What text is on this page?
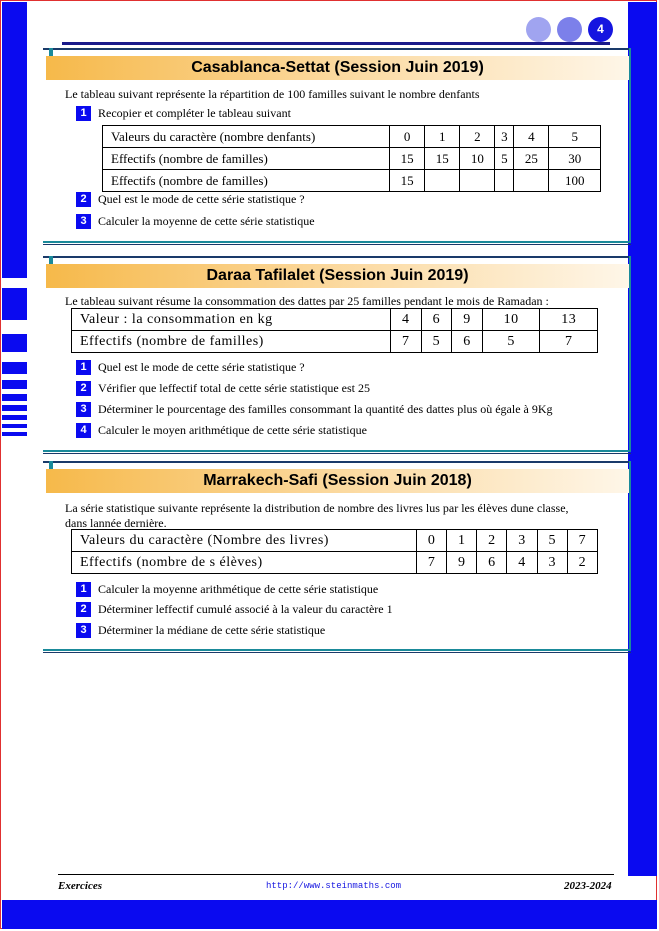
4
Casablanca-Settat (Session Juin 2019)
Le tableau suivant représente la répartition de 100 familles suivant le nombre denfants
1 Recopier et compléter le tableau suivant
Valeurs du caractère (nombre denfants)	0	1	2	3	4	5
Effectifs (nombre de familles)	15	15	10	5	25	30
Effectifs (nombre de familles)	15					100
2 Quel est le mode de cette série statistique ?
3 Calculer la moyenne de cette série statistique
Daraa Tafilalet (Session Juin 2019)
Le tableau suivant résume la consommation des dattes par 25 familles pendant le mois de Ramadan :
Valeur : la consommation en kg	4	6	9	10	13
Effectifs (nombre de familles)	7	5	6	5	7
1 Quel est le mode de cette série statistique ?
2 Vérifier que leffectif total de cette série statistique est 25
3 Déterminer le pourcentage des familles consommant la quantité des dattes plus où égale à 9Kg
4 Calculer le moyen arithmétique de cette série statistique
Marrakech-Safi (Session Juin 2018)
La série statistique suivante représente la distribution de nombre des livres lus par les élèves dune classe,
dans lannée dernière.
Valeurs du caractère (Nombre des livres)	0	1	2	3	5	7
Effectifs (nombre de s élèves)	7	9	6	4	3	2
1 Calculer la moyenne arithmétique de cette série statistique
2 Déterminer leffectif cumulé associé à la valeur du caractère 1
3 Déterminer la médiane de cette série statistique
Exercices	http://www.steinmaths.com	2023-2024
